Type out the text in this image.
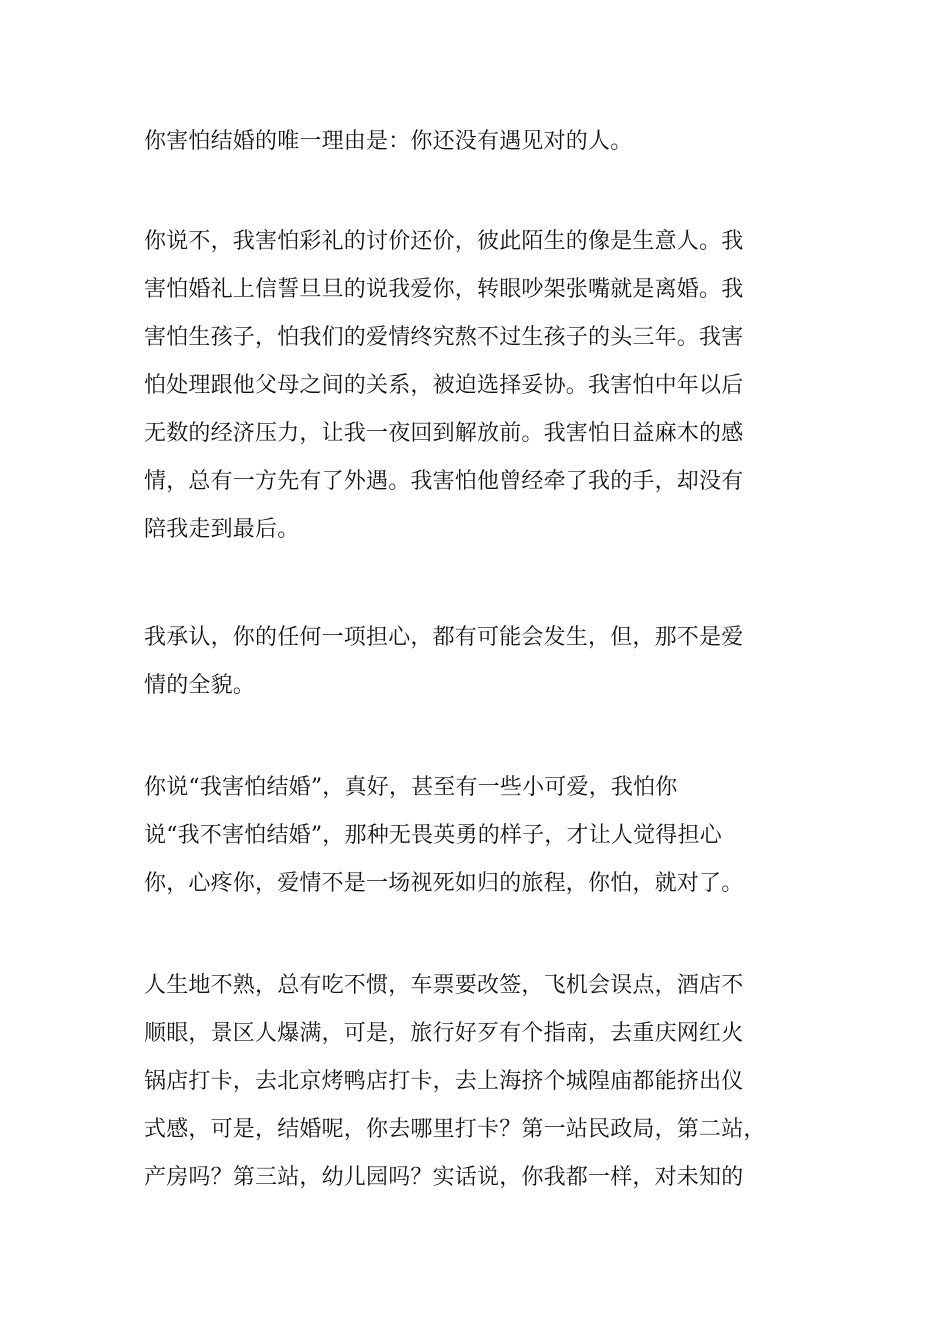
你害怕结婚的唯一理由是：你还没有遇见对的人。

你说不，我害怕彩礼的讨价还价，彼此陌生的像是生意人。我
害怕婚礼上信誓旦旦的说我爱你，转眼吵架张嘴就是离婚。我
害怕生孩子，怕我们的爱情终究熬不过生孩子的头三年。我害
怕处理跟他父母之间的关系，被迫选择妥协。我害怕中年以后
无数的经济压力，让我一夜回到解放前。我害怕日益麻木的感
情，总有一方先有了外遇。我害怕他曾经牵了我的手，却没有
陪我走到最后。

我承认，你的任何一项担心，都有可能会发生，但，那不是爱
情的全貌。

你说“我害怕结婚”，真好，甚至有一些小可爱，我怕你
说“我不害怕结婚”，那种无畏英勇的样子，才让人觉得担心
你，心疼你，爱情不是一场视死如归的旅程，你怕，就对了。

人生地不熟，总有吃不惯，车票要改签，飞机会误点，酒店不
顺眼，景区人爆满，可是，旅行好歹有个指南，去重庆网红火
锅店打卡，去北京烤鸭店打卡，去上海挤个城隍庙都能挤出仪
式感，可是，结婚呢，你去哪里打卡？第一站民政局，第二站，
产房吗？第三站，幼儿园吗？实话说，你我都一样，对未知的
